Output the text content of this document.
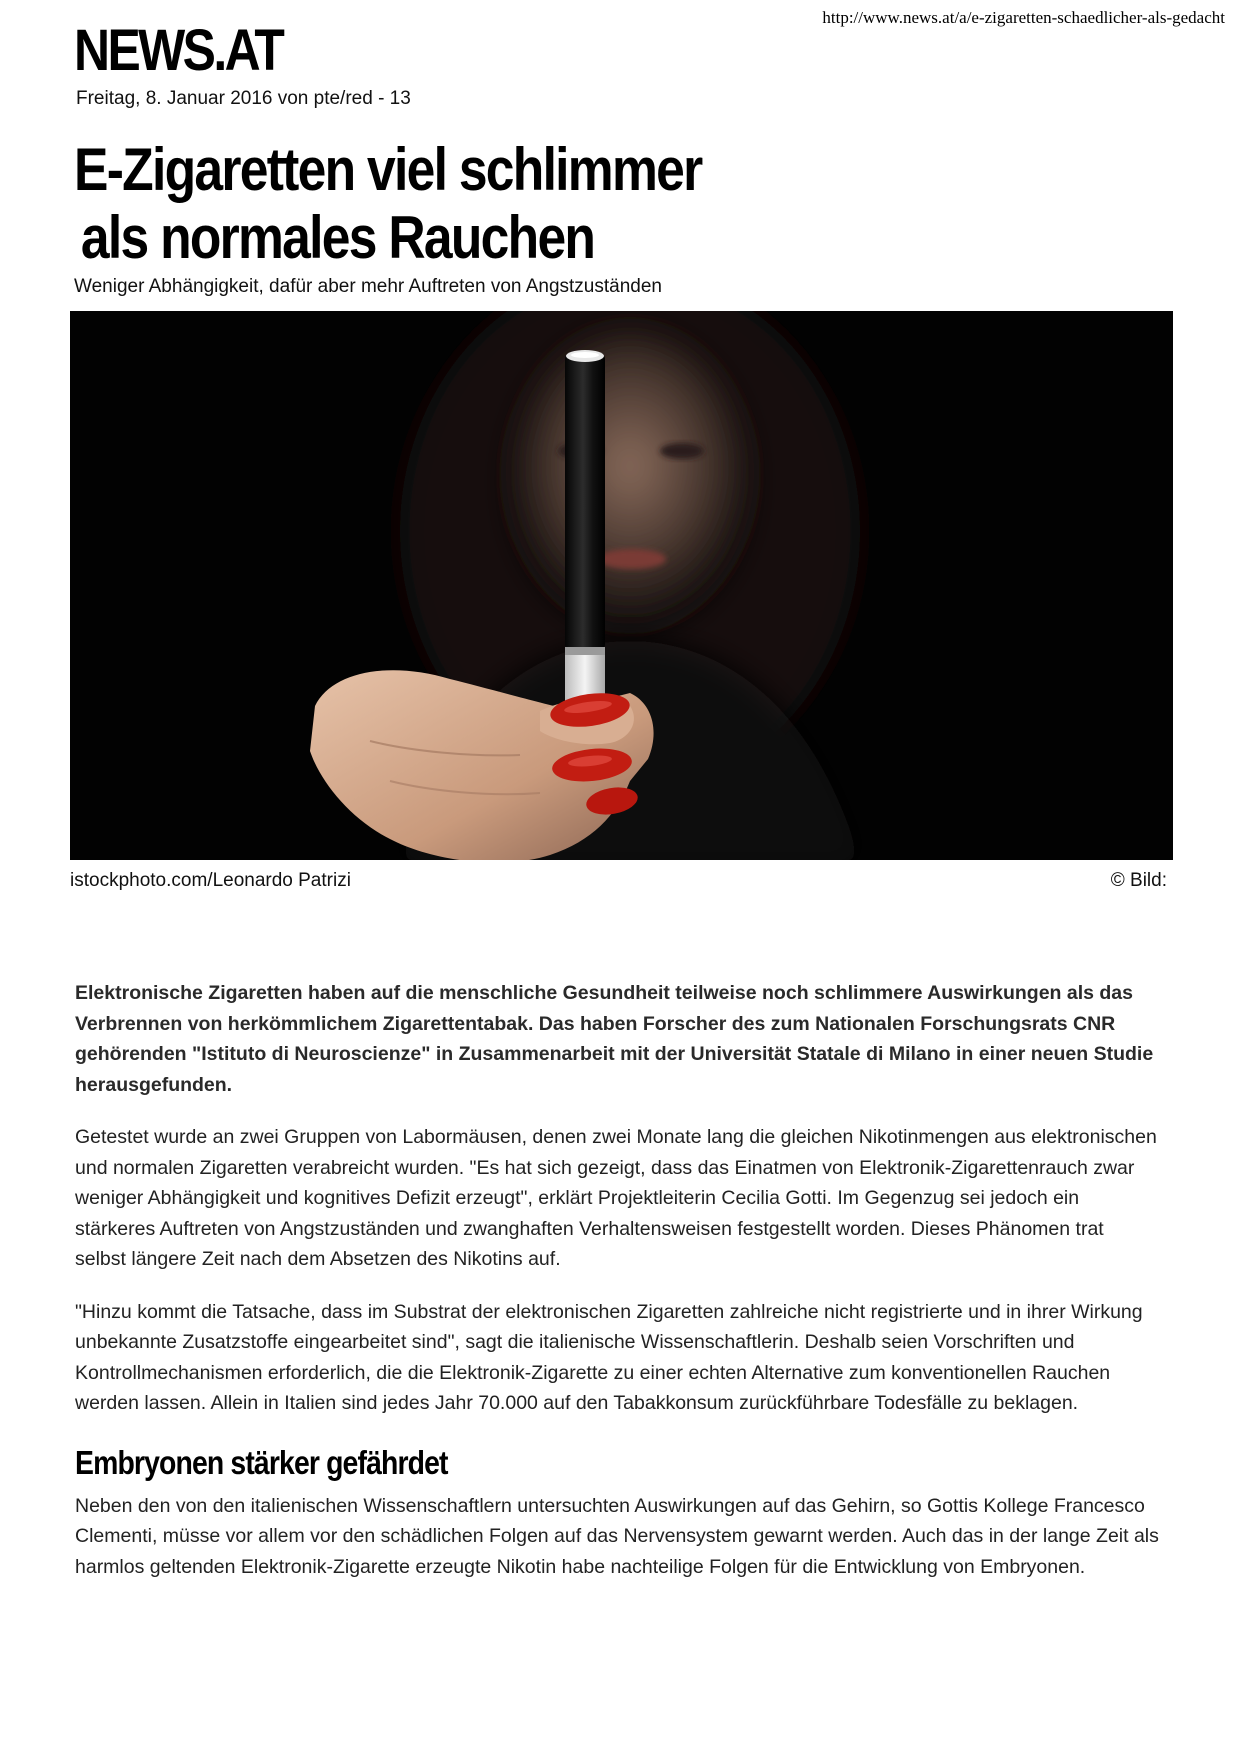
http://www.news.at/a/e-zigaretten-schaedlicher-als-gedacht
NEWS.AT
Freitag, 8. Januar 2016 von pte/red - 13
E-Zigaretten viel schlimmer
als normales Rauchen
Weniger Abhängigkeit, dafür aber mehr Auftreten von Angstzuständen
istockphoto.com/Leonardo Patrizi	© Bild:

Elektronische Zigaretten haben auf die menschliche Gesundheit teilweise noch schlimmere Auswirkungen als das Verbrennen von herkömmlichem Zigarettentabak. Das haben Forscher des zum Nationalen Forschungsrats CNR gehörenden "Istituto di Neuroscienze" in Zusammenarbeit mit der Universität Statale di Milano in einer neuen Studie herausgefunden.

Getestet wurde an zwei Gruppen von Labormäusen, denen zwei Monate lang die gleichen Nikotinmengen aus elektronischen und normalen Zigaretten verabreicht wurden. "Es hat sich gezeigt, dass das Einatmen von Elektronik-Zigarettenrauch zwar weniger Abhängigkeit und kognitives Defizit erzeugt", erklärt Projektleiterin Cecilia Gotti. Im Gegenzug sei jedoch ein stärkeres Auftreten von Angstzuständen und zwanghaften Verhaltensweisen festgestellt worden. Dieses Phänomen trat selbst längere Zeit nach dem Absetzen des Nikotins auf.

"Hinzu kommt die Tatsache, dass im Substrat der elektronischen Zigaretten zahlreiche nicht registrierte und in ihrer Wirkung unbekannte Zusatzstoffe eingearbeitet sind", sagt die italienische Wissenschaftlerin. Deshalb seien Vorschriften und Kontrollmechanismen erforderlich, die die Elektronik-Zigarette zu einer echten Alternative zum konventionellen Rauchen werden lassen. Allein in Italien sind jedes Jahr 70.000 auf den Tabakkonsum zurückführbare Todesfälle zu beklagen.

Embryonen stärker gefährdet

Neben den von den italienischen Wissenschaftlern untersuchten Auswirkungen auf das Gehirn, so Gottis Kollege Francesco Clementi, müsse vor allem vor den schädlichen Folgen auf das Nervensystem gewarnt werden. Auch das in der lange Zeit als harmlos geltenden Elektronik-Zigarette erzeugte Nikotin habe nachteilige Folgen für die Entwicklung von Embryonen.
